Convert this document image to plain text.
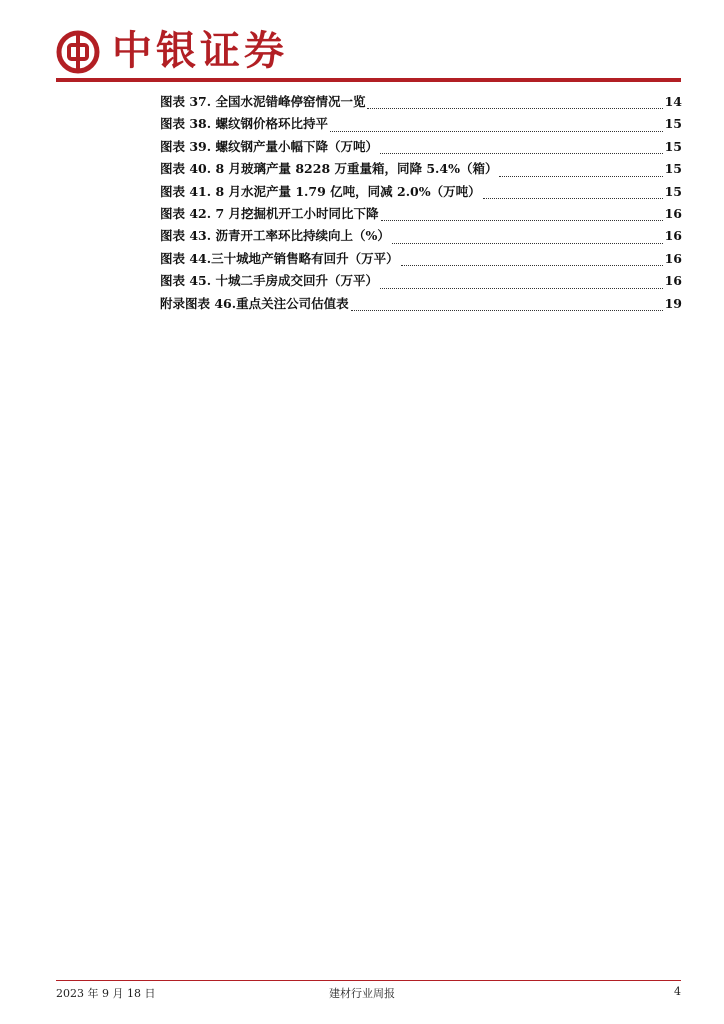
中银证券
图表 37. 全国水泥错峰停窑情况一览	14
图表 38. 螺纹钢价格环比持平	15
图表 39. 螺纹钢产量小幅下降（万吨）	15
图表 40. 8 月玻璃产量 8228 万重量箱，同降 5.4%（箱）	15
图表 41. 8 月水泥产量 1.79 亿吨，同减 2.0%（万吨）	15
图表 42. 7 月挖掘机开工小时同比下降	16
图表 43. 沥青开工率环比持续向上（%）	16
图表 44.三十城地产销售略有回升（万平）	16
图表 45. 十城二手房成交回升（万平）	16
附录图表 46.重点关注公司估值表	19
2023 年 9 月 18 日	建材行业周报	4
